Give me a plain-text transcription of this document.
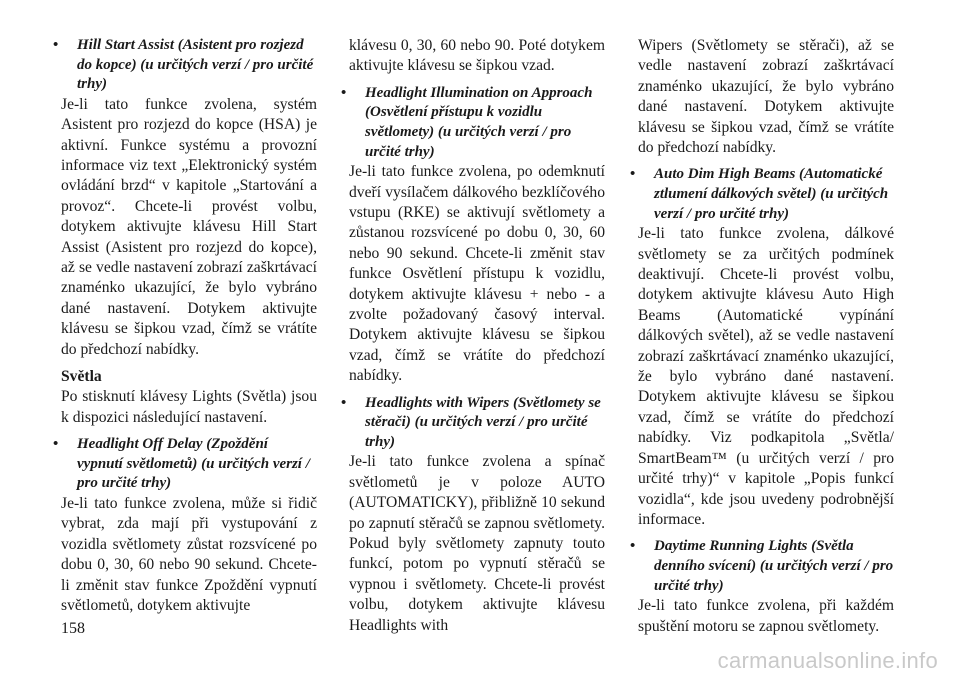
• Hill Start Assist (Asistent pro rozjezd do kopce) (u určitých verzí / pro určité trhy)

Je-li tato funkce zvolena, systém Asistent pro rozjezd do kopce (HSA) je aktivní. Funkce systému a provozní informace viz text „Elektronický systém ovládání brzd“ v kapitole „Startování a provoz“. Chcete-li provést volbu, dotykem aktivujte klávesu Hill Start Assist (Asistent pro rozjezd do kopce), až se vedle nastavení zobrazí zaškrtávací znaménko ukazující, že bylo vybráno dané nastavení. Dotykem aktivujte klávesu se šipkou vzad, čímž se vrátíte do předchozí nabídky.

Světla

Po stisknutí klávesy Lights (Světla) jsou k dispozici následující nastavení.

• Headlight Off Delay (Zpoždění vypnutí světlometů) (u určitých verzí / pro určité trhy)

Je-li tato funkce zvolena, může si řidič vybrat, zda mají při vystupování z vozidla světlomety zůstat rozsvícené po dobu 0, 30, 60 nebo 90 sekund. Chcete-li změnit stav funkce Zpoždění vypnutí světlometů, dotykem aktivujte

klávesu 0, 30, 60 nebo 90. Poté dotykem aktivujte klávesu se šipkou vzad.

• Headlight Illumination on Approach (Osvětlení přístupu k vozidlu světlomety) (u určitých verzí / pro určité trhy)

Je-li tato funkce zvolena, po odemknutí dveří vysílačem dálkového bezklíčového vstupu (RKE) se aktivují světlomety a zůstanou rozsvícené po dobu 0, 30, 60 nebo 90 sekund. Chcete-li změnit stav funkce Osvětlení přístupu k vozidlu, dotykem aktivujte klávesu + nebo - a zvolte požadovaný časový interval. Dotykem aktivujte klávesu se šipkou vzad, čímž se vrátíte do předchozí nabídky.

• Headlights with Wipers (Světlomety se stěrači) (u určitých verzí / pro určité trhy)

Je-li tato funkce zvolena a spínač světlometů je v poloze AUTO (AUTOMATICKY), přibližně 10 sekund po zapnutí stěračů se zapnou světlomety. Pokud byly světlomety zapnuty touto funkcí, potom po vypnutí stěračů se vypnou i světlomety. Chcete-li provést volbu, dotykem aktivujte klávesu Headlights with

Wipers (Světlomety se stěrači), až se vedle nastavení zobrazí zaškrtávací znaménko ukazující, že bylo vybráno dané nastavení. Dotykem aktivujte klávesu se šipkou vzad, čímž se vrátíte do předchozí nabídky.

• Auto Dim High Beams (Automatické ztlumení dálkových světel) (u určitých verzí / pro určité trhy)

Je-li tato funkce zvolena, dálkové světlomety se za určitých podmínek deaktivují. Chcete-li provést volbu, dotykem aktivujte klávesu Auto High Beams (Automatické vypínání dálkových světel), až se vedle nastavení zobrazí zaškrtávací znaménko ukazující, že bylo vybráno dané nastavení. Dotykem aktivujte klávesu se šipkou vzad, čímž se vrátíte do předchozí nabídky. Viz podkapitola „Světla/ SmartBeam™ (u určitých verzí / pro určité trhy)“ v kapitole „Popis funkcí vozidla“, kde jsou uvedeny podrobnější informace.

• Daytime Running Lights (Světla denního svícení) (u určitých verzí / pro určité trhy)

Je-li tato funkce zvolena, při každém spuštění motoru se zapnou světlomety.

158
carmanualsonline.info
